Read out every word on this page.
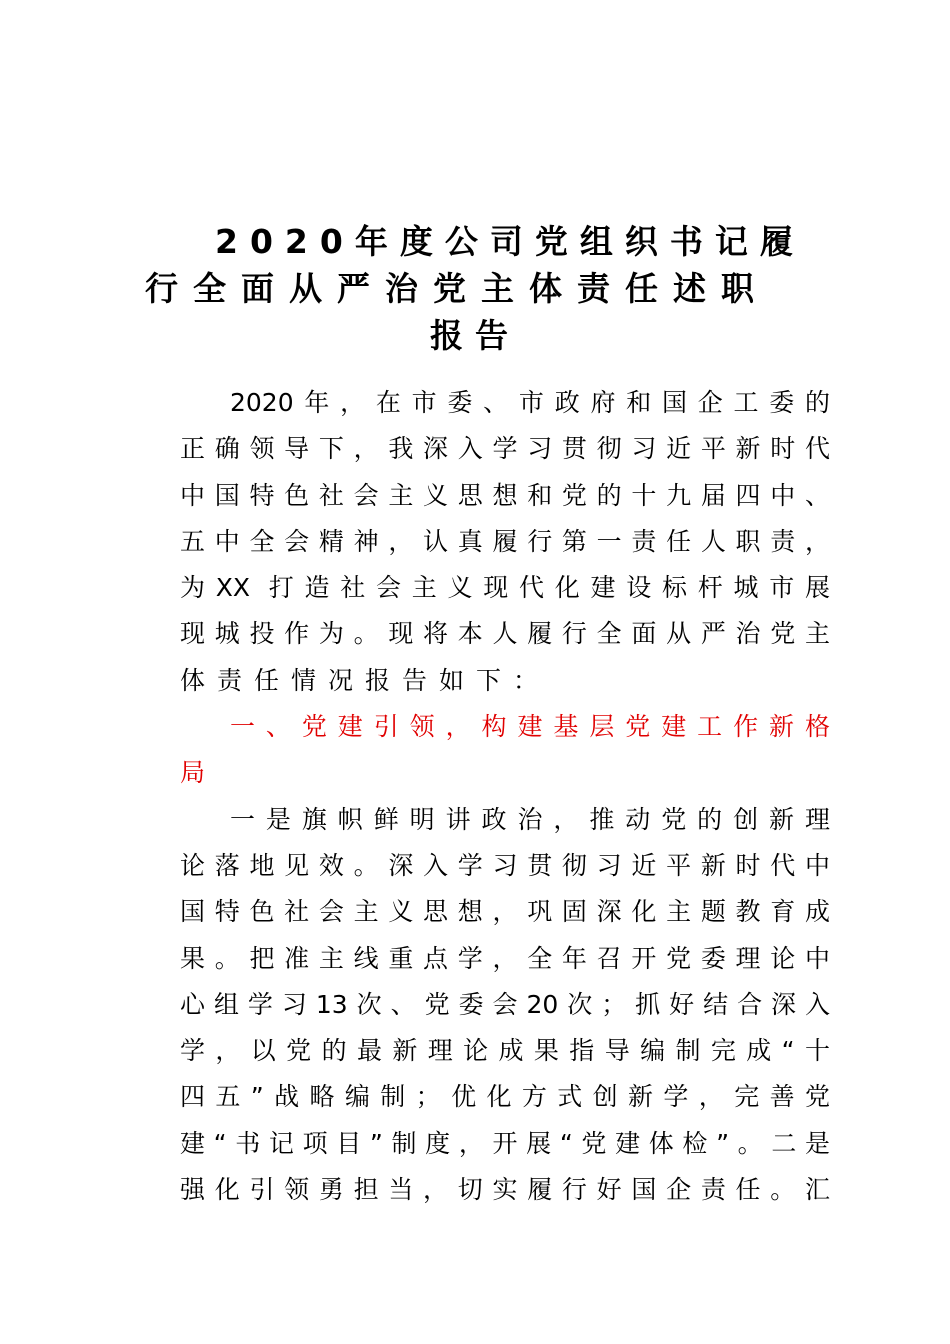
2020年度公司党组织书记履
行全面从严治党主体责任述职
报告
2020年，在市委、市政府和国企工委的
正确领导下，我深入学习贯彻习近平新时代
中国特色社会主义思想和党的十九届四中、
五中全会精神，认真履行第一责任人职责，
为XX 打造社会主义现代化建设标杆城市展
现城投作为。现将本人履行全面从严治党主
体责任情况报告如下：
一、党建引领，构建基层党建工作新格
局
一是旗帜鲜明讲政治，推动党的创新理
论落地见效。深入学习贯彻习近平新时代中
国特色社会主义思想，巩固深化主题教育成
果。把准主线重点学，全年召开党委理论中
心组学习13次、党委会20次；抓好结合深入
学，以党的最新理论成果指导编制完成“十
四五”战略编制；优化方式创新学，完善党
建“书记项目”制度，开展“党建体检”。二是
强化引领勇担当，切实履行好国企责任。汇
